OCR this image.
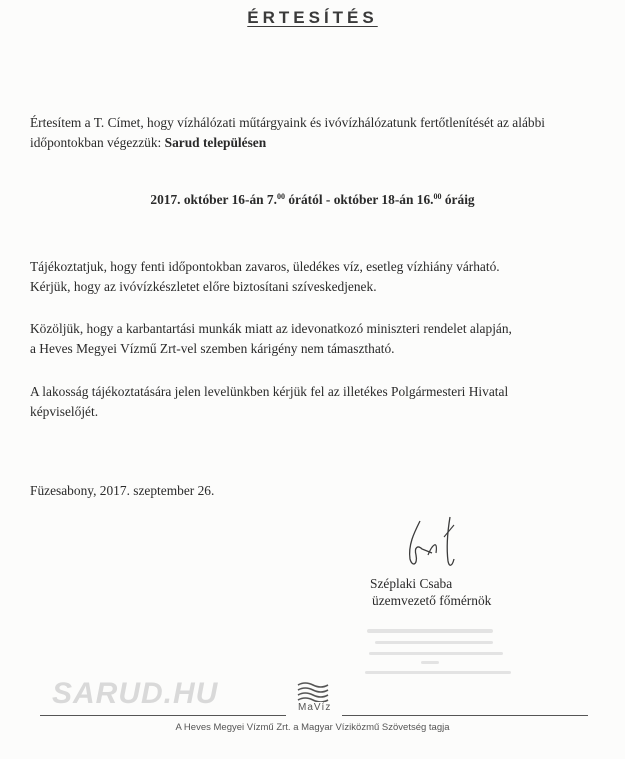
ÉRTESÍTÉS
Értesítem a T. Címet, hogy vízhálózati műtárgyaink és ivóvízhálózatunk fertőtlenítését az alábbi időpontokban végezzük: Sarud településen
2017. október 16-án 7.00 órától - október 18-án 16.00 óráig
Tájékoztatjuk, hogy fenti időpontokban zavaros, üledékes víz, esetleg vízhiány várható.
Kérjük, hogy az ivóvízkészletet előre biztosítani szíveskedjenek.
Közöljük, hogy a karbantartási munkák miatt az idevonatkozó miniszteri rendelet alapján,
a Heves Megyei Vízmű Zrt-vel szemben kárigény nem támasztható.
A lakosság tájékoztatására jelen levelünkben kérjük fel az illetékes Polgármesteri Hivatal
képviselőjét.
Füzesabony, 2017. szeptember 26.
Széplaki Csaba
üzemvezető főmérnök
SARUD.HU	MaVíz
A Heves Megyei Vízmű Zrt. a Magyar Víziközmű Szövetség tagja
